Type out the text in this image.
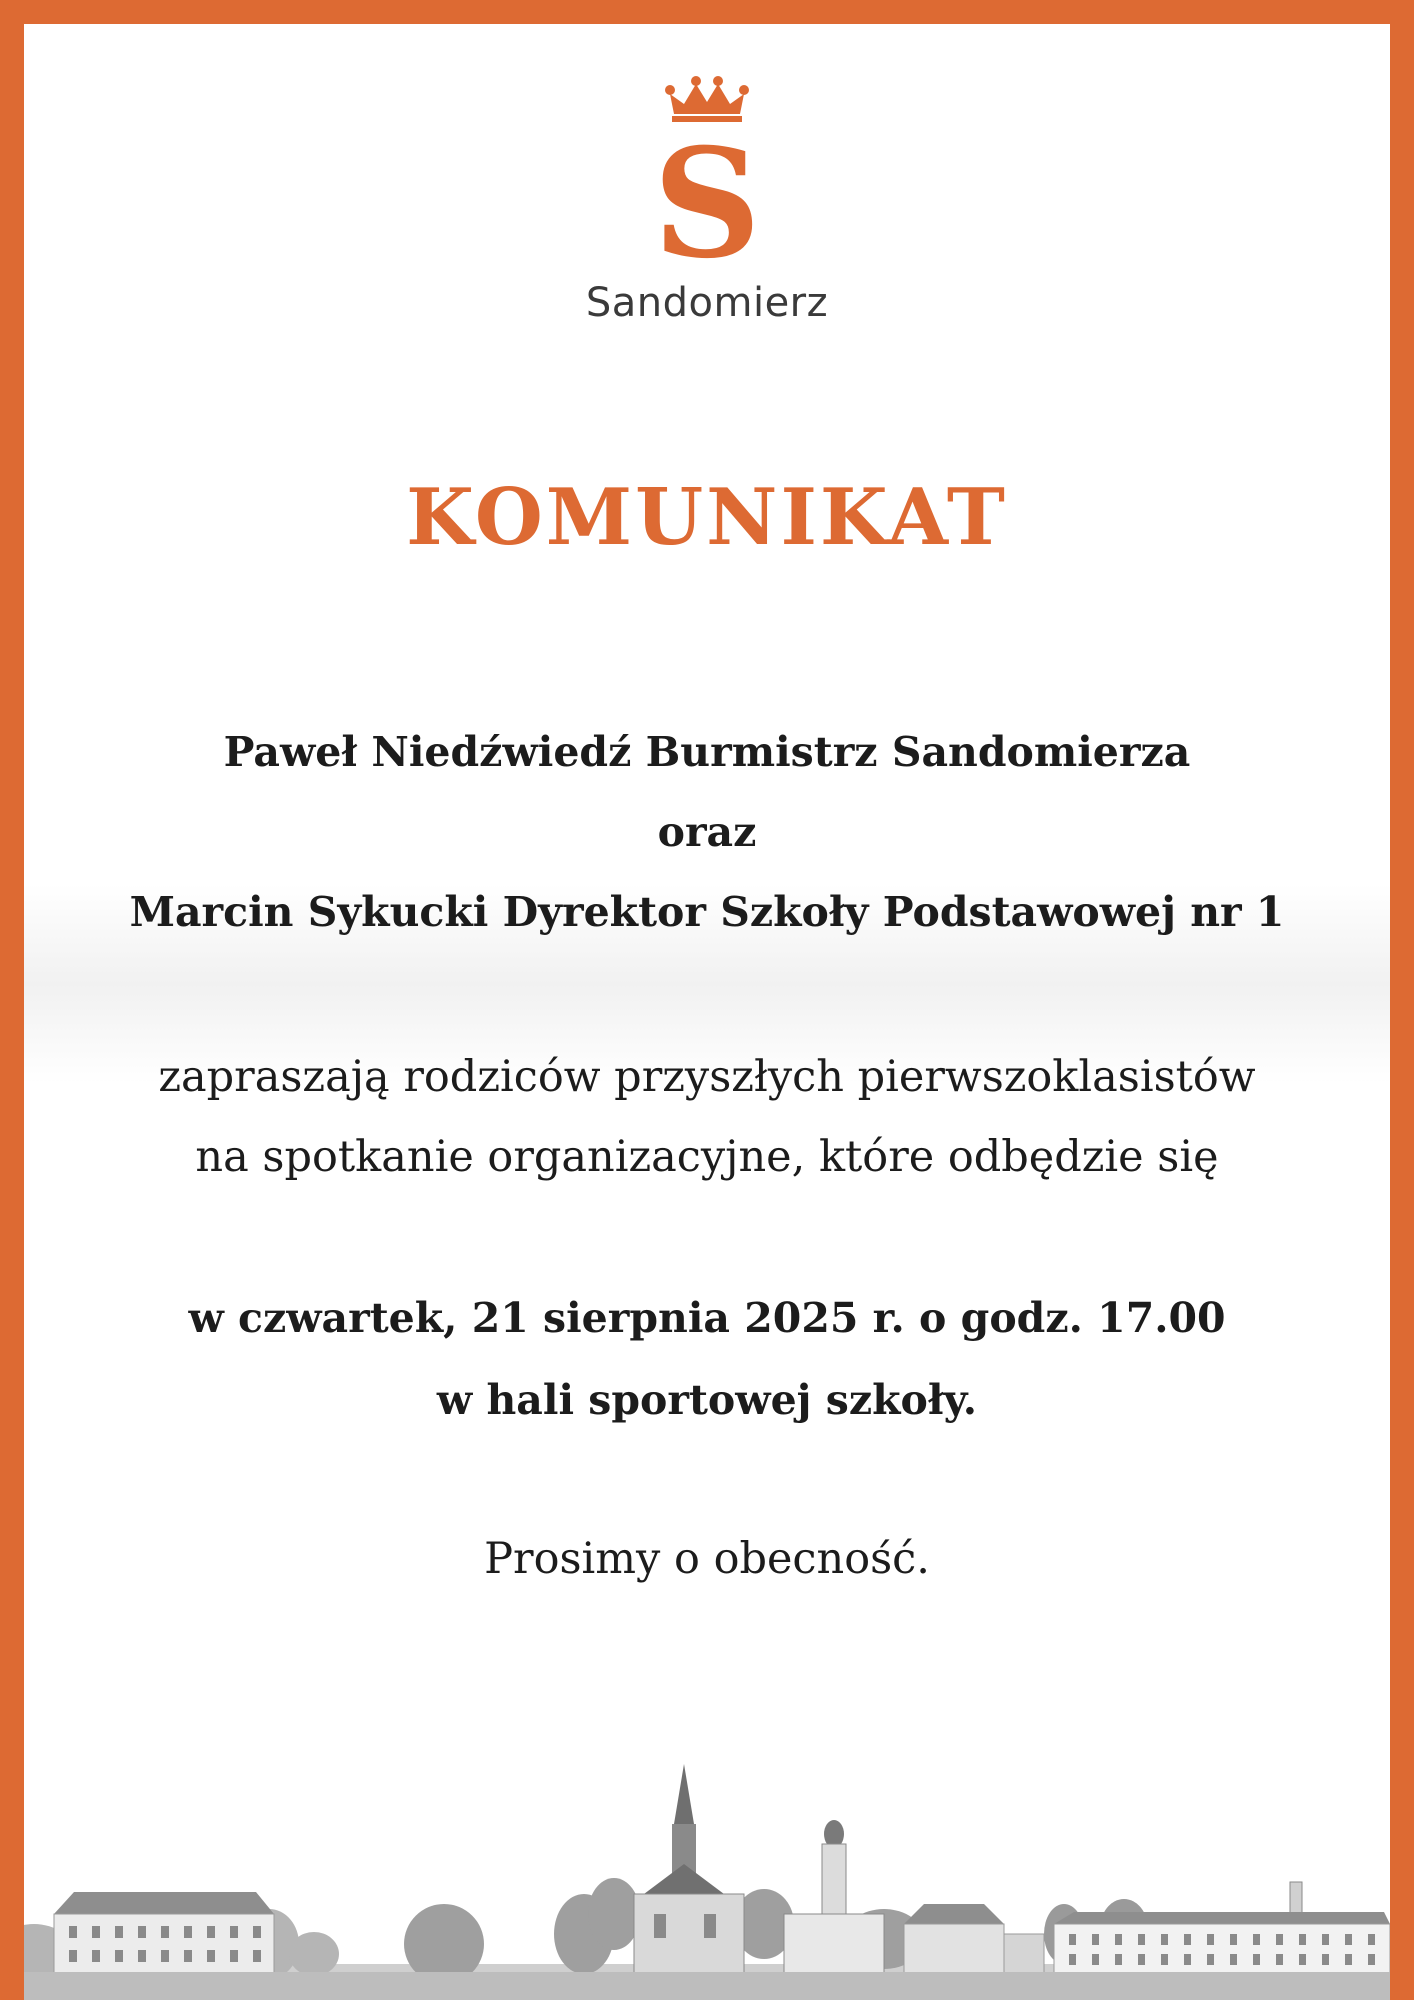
S
Sandomierz
KOMUNIKAT
Paweł Niedźwiedź Burmistrz Sandomierza
oraz
Marcin Sykucki Dyrektor Szkoły Podstawowej nr 1
zapraszają rodziców przyszłych pierwszoklasistów
na spotkanie organizacyjne, które odbędzie się
w czwartek, 21 sierpnia 2025 r. o godz. 17.00
w hali sportowej szkoły.
Prosimy o obecność.
